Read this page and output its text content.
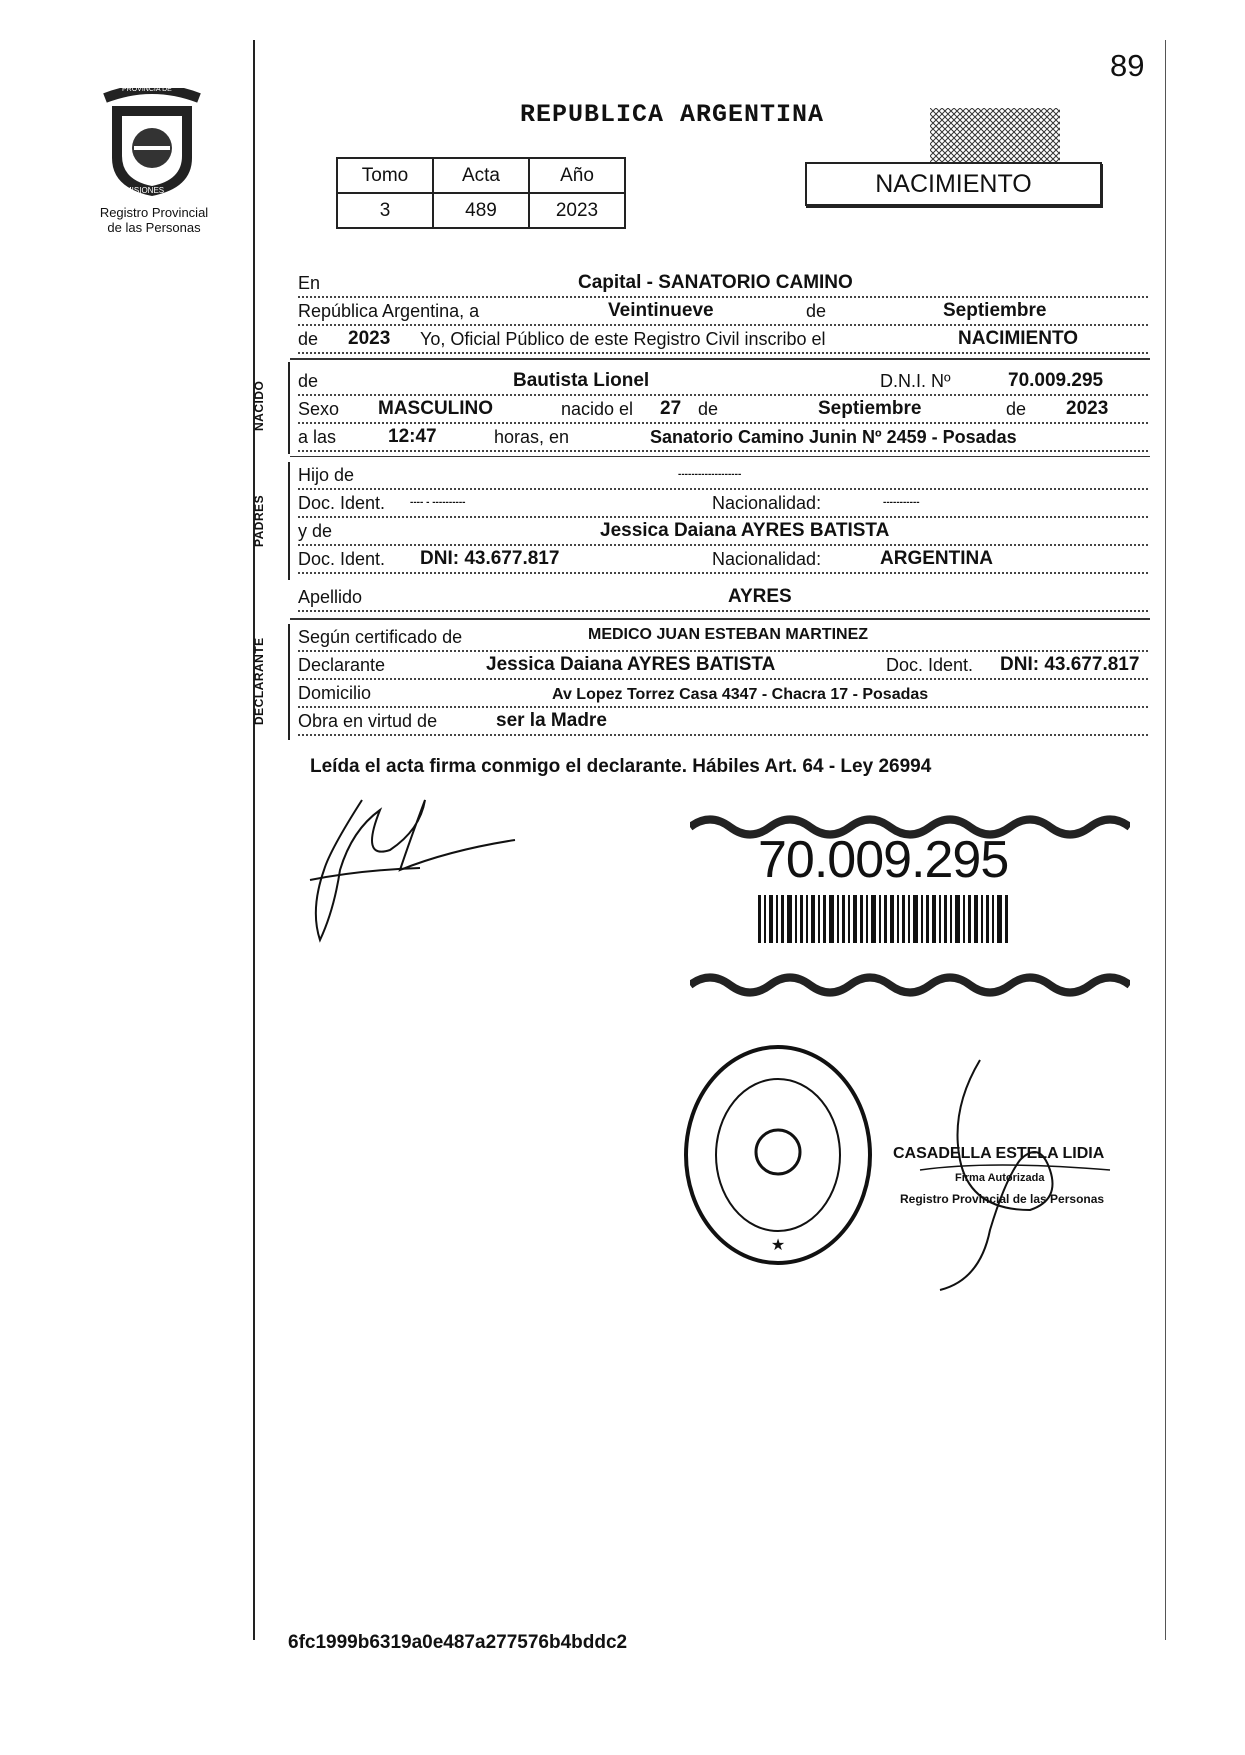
PROVINCIA DE
MISIONES
Registro Provincial
de las Personas
89
REPUBLICA ARGENTINA
Tomo	Acta	Año
3	489	2023
NACIMIENTO
En	Capital - SANATORIO CAMINO
República Argentina, a	Veintinueve	de	Septiembre
de 2023 Yo, Oficial Público de este Registro Civil inscribo el	NACIMIENTO
NACIDO	de	Bautista Lionel	D.N.I. Nº	70.009.295
Sexo MASCULINO	nacido el 27 de	Septiembre	de 2023
a las	12:47	horas, en	Sanatorio Camino Junin Nº 2459 - Posadas
PADRES
Hijo de	-------------------
Doc. Ident. ---- - ----------	Nacionalidad:	-----------
y de	Jessica Daiana AYRES BATISTA
Doc. Ident. DNI: 43.677.817	Nacionalidad:	ARGENTINA
Apellido	AYRES
DECLARANTE
Según certificado de	MEDICO JUAN ESTEBAN MARTINEZ
Declarante	Jessica Daiana AYRES BATISTA	Doc. Ident. DNI: 43.677.817
Domicilio	Av Lopez Torrez Casa 4347 - Chacra 17 - Posadas
Obra en virtud de	ser la Madre
Leída el acta firma conmigo el declarante. Hábiles Art. 64 - Ley 26994
70.009.295
★
DELEGACION DEL REGISTRO PROVINCIAL DE LAS PERSONAS
SANATORIO CAMINO
CASADELLA ESTELA LIDIA
Firma Autorizada
Registro Provincial de las Personas
6fc1999b6319a0e487a277576b4bddc2
